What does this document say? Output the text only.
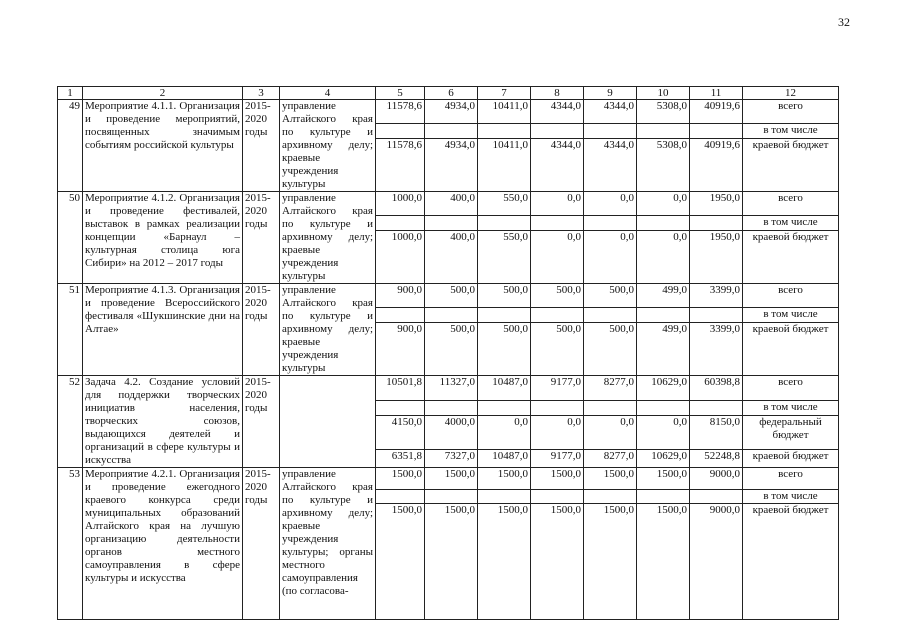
32
1	2	3	4	5	6	7	8	9	10	11	12
49	Мероприятие 4.1.1. Организация и проведение мероприятий, посвященных значимым событиям российской культуры	2015-2020 годы	управление Алтайского края по культуре и архивному делу; краевые учреждения культуры	11578,6	4934,0	10411,0	4344,0	4344,0	5308,0	40919,6	всего
											в том числе
				11578,6	4934,0	10411,0	4344,0	4344,0	5308,0	40919,6	краевой бюджет
50	Мероприятие 4.1.2. Организация и проведение фестивалей, выставок в рамках реализации концепции «Барнаул – культурная столица юга Сибири» на 2012 – 2017 годы	2015-2020 годы	управление Алтайского края по культуре и архивному делу; краевые учреждения культуры	1000,0	400,0	550,0	0,0	0,0	0,0	1950,0	всего
											в том числе
				1000,0	400,0	550,0	0,0	0,0	0,0	1950,0	краевой бюджет
51	Мероприятие 4.1.3. Организация и проведение Всероссийского фестиваля «Шукшинские дни на Алтае»	2015-2020 годы	управление Алтайского края по культуре и архивному делу; краевые учреждения культуры	900,0	500,0	500,0	500,0	500,0	499,0	3399,0	всего
											в том числе
				900,0	500,0	500,0	500,0	500,0	499,0	3399,0	краевой бюджет
52	Задача 4.2. Создание условий для поддержки творческих инициатив населения, творческих союзов, выдающихся деятелей и организаций в сфере культуры и искусства	2015-2020 годы		10501,8	11327,0	10487,0	9177,0	8277,0	10629,0	60398,8	всего
											в том числе
				4150,0	4000,0	0,0	0,0	0,0	0,0	8150,0	федеральный бюджет
				6351,8	7327,0	10487,0	9177,0	8277,0	10629,0	52248,8	краевой бюджет
53	Мероприятие 4.2.1. Организация и проведение ежегодного краевого конкурса среди муниципальных образований Алтайского края на лучшую организацию деятельности органов местного самоуправления в сфере культуры и искусства	2015-2020 годы	управление Алтайского края по культуре и архивному делу; краевые учреждения культуры; органы местного самоуправления (по согласова-	1500,0	1500,0	1500,0	1500,0	1500,0	1500,0	9000,0	всего
											в том числе
				1500,0	1500,0	1500,0	1500,0	1500,0	1500,0	9000,0	краевой бюджет
